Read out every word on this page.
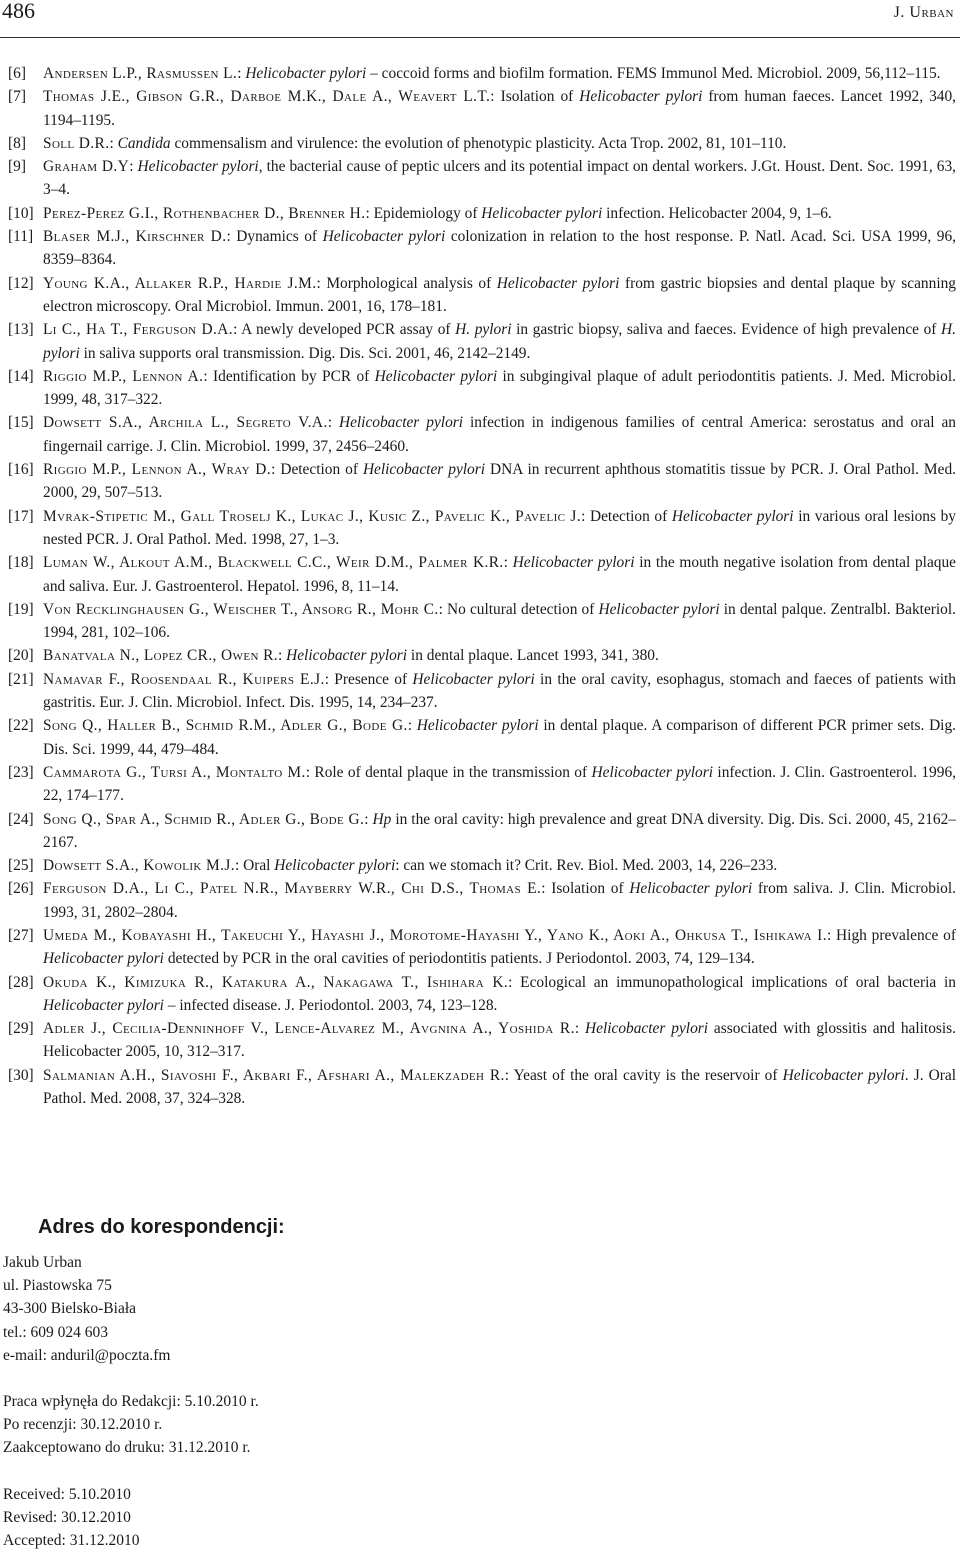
486	J. Urban
[6] Andersen L.P., Rasmussen L.: Helicobacter pylori – coccoid forms and biofilm formation. FEMS Immunol Med. Microbiol. 2009, 56,112–115.
[7] Thomas J.E., Gibson G.R., Darboe M.K., Dale A., Weavert L.T.: Isolation of Helicobacter pylori from human faeces. Lancet 1992, 340, 1194–1195.
[8] Soll D.R.: Candida commensalism and virulence: the evolution of phenotypic plasticity. Acta Trop. 2002, 81, 101–110.
[9] Graham D.Y: Helicobacter pylori, the bacterial cause of peptic ulcers and its potential impact on dental workers. J.Gt. Houst. Dent. Soc. 1991, 63, 3–4.
[10] Perez-Perez G.I., Rothenbacher D., Brenner H.: Epidemiology of Helicobacter pylori infection. Helicobacter 2004, 9, 1–6.
[11] Blaser M.J., Kirschner D.: Dynamics of Helicobacter pylori colonization in relation to the host response. P. Natl. Acad. Sci. USA 1999, 96, 8359–8364.
[12] Young K.A., Allaker R.P., Hardie J.M.: Morphological analysis of Helicobacter pylori from gastric biopsies and dental plaque by scanning electron microscopy. Oral Microbiol. Immun. 2001, 16, 178–181.
[13] Li C., Ha T., Ferguson D.A.: A newly developed PCR assay of H. pylori in gastric biopsy, saliva and faeces. Evidence of high prevalence of H. pylori in saliva supports oral transmission. Dig. Dis. Sci. 2001, 46, 2142–2149.
[14] Riggio M.P., Lennon A.: Identification by PCR of Helicobacter pylori in subgingival plaque of adult periodontitis patients. J. Med. Microbiol. 1999, 48, 317–322.
[15] Dowsett S.A., Archila L., Segreto V.A.: Helicobacter pylori infection in indigenous families of central America: serostatus and oral an fingernail carrige. J. Clin. Microbiol. 1999, 37, 2456–2460.
[16] Riggio M.P., Lennon A., Wray D.: Detection of Helicobacter pylori DNA in recurrent aphthous stomatitis tissue by PCR. J. Oral Pathol. Med. 2000, 29, 507–513.
[17] Mvrak-Stipetic M., Gall Troselj K., Lukac J., Kusic Z., Pavelic K., Pavelic J.: Detection of Helicobacter pylori in various oral lesions by nested PCR. J. Oral Pathol. Med. 1998, 27, 1–3.
[18] Luman W., Alkout A.M., Blackwell C.C., Weir D.M., Palmer K.R.: Helicobacter pylori in the mouth negative isolation from dental plaque and saliva. Eur. J. Gastroenterol. Hepatol. 1996, 8, 11–14.
[19] Von Recklinghausen G., Weischer T., Ansorg R., Mohr C.: No cultural detection of Helicobacter pylori in dental palque. Zentralbl. Bakteriol. 1994, 281, 102–106.
[20] Banatvala N., Lopez CR., Owen R.: Helicobacter pylori in dental plaque. Lancet 1993, 341, 380.
[21] Namavar F., Roosendaal R., Kuipers E.J.: Presence of Helicobacter pylori in the oral cavity, esophagus, stomach and faeces of patients with gastritis. Eur. J. Clin. Microbiol. Infect. Dis. 1995, 14, 234–237.
[22] Song Q., Haller B., Schmid R.M., Adler G., Bode G.: Helicobacter pylori in dental plaque. A comparison of different PCR primer sets. Dig. Dis. Sci. 1999, 44, 479–484.
[23] Cammarota G., Tursi A., Montalto M.: Role of dental plaque in the transmission of Helicobacter pylori infection. J. Clin. Gastroenterol. 1996, 22, 174–177.
[24] Song Q., Spar A., Schmid R., Adler G., Bode G.: Hp in the oral cavity: high prevalence and great DNA diversity. Dig. Dis. Sci. 2000, 45, 2162–2167.
[25] Dowsett S.A., Kowolik M.J.: Oral Helicobacter pylori: can we stomach it? Crit. Rev. Biol. Med. 2003, 14, 226–233.
[26] Ferguson D.A., Li C., Patel N.R., Mayberry W.R., Chi D.S., Thomas E.: Isolation of Helicobacter pylori from saliva. J. Clin. Microbiol. 1993, 31, 2802–2804.
[27] Umeda M., Kobayashi H., Takeuchi Y., Hayashi J., Morotome-Hayashi Y., Yano K., Aoki A., Ohkusa T., Ishikawa I.: High prevalence of Helicobacter pylori detected by PCR in the oral cavities of periodontitis patients. J Periodontol. 2003, 74, 129–134.
[28] Okuda K., Kimizuka R., Katakura A., Nakagawa T., Ishihara K.: Ecological an immunopathological implications of oral bacteria in Helicobacter pylori – infected disease. J. Periodontol. 2003, 74, 123–128.
[29] Adler J., Cecilia-Denninhoff V., Lence-Alvarez M., Avgnina A., Yoshida R.: Helicobacter pylori associated with glossitis and halitosis. Helicobacter 2005, 10, 312–317.
[30] Salmanian A.H., Siavoshi F., Akbari F., Afshari A., Malekzadeh R.: Yeast of the oral cavity is the reservoir of Helicobacter pylori. J. Oral Pathol. Med. 2008, 37, 324–328.
Adres do korespondencji:
Jakub Urban
ul. Piastowska 75
43-300 Bielsko-Biała
tel.: 609 024 603
e-mail: anduril@poczta.fm
Praca wpłynęła do Redakcji: 5.10.2010 r.
Po recenzji: 30.12.2010 r.
Zaakceptowano do druku: 31.12.2010 r.
Received: 5.10.2010
Revised: 30.12.2010
Accepted: 31.12.2010
